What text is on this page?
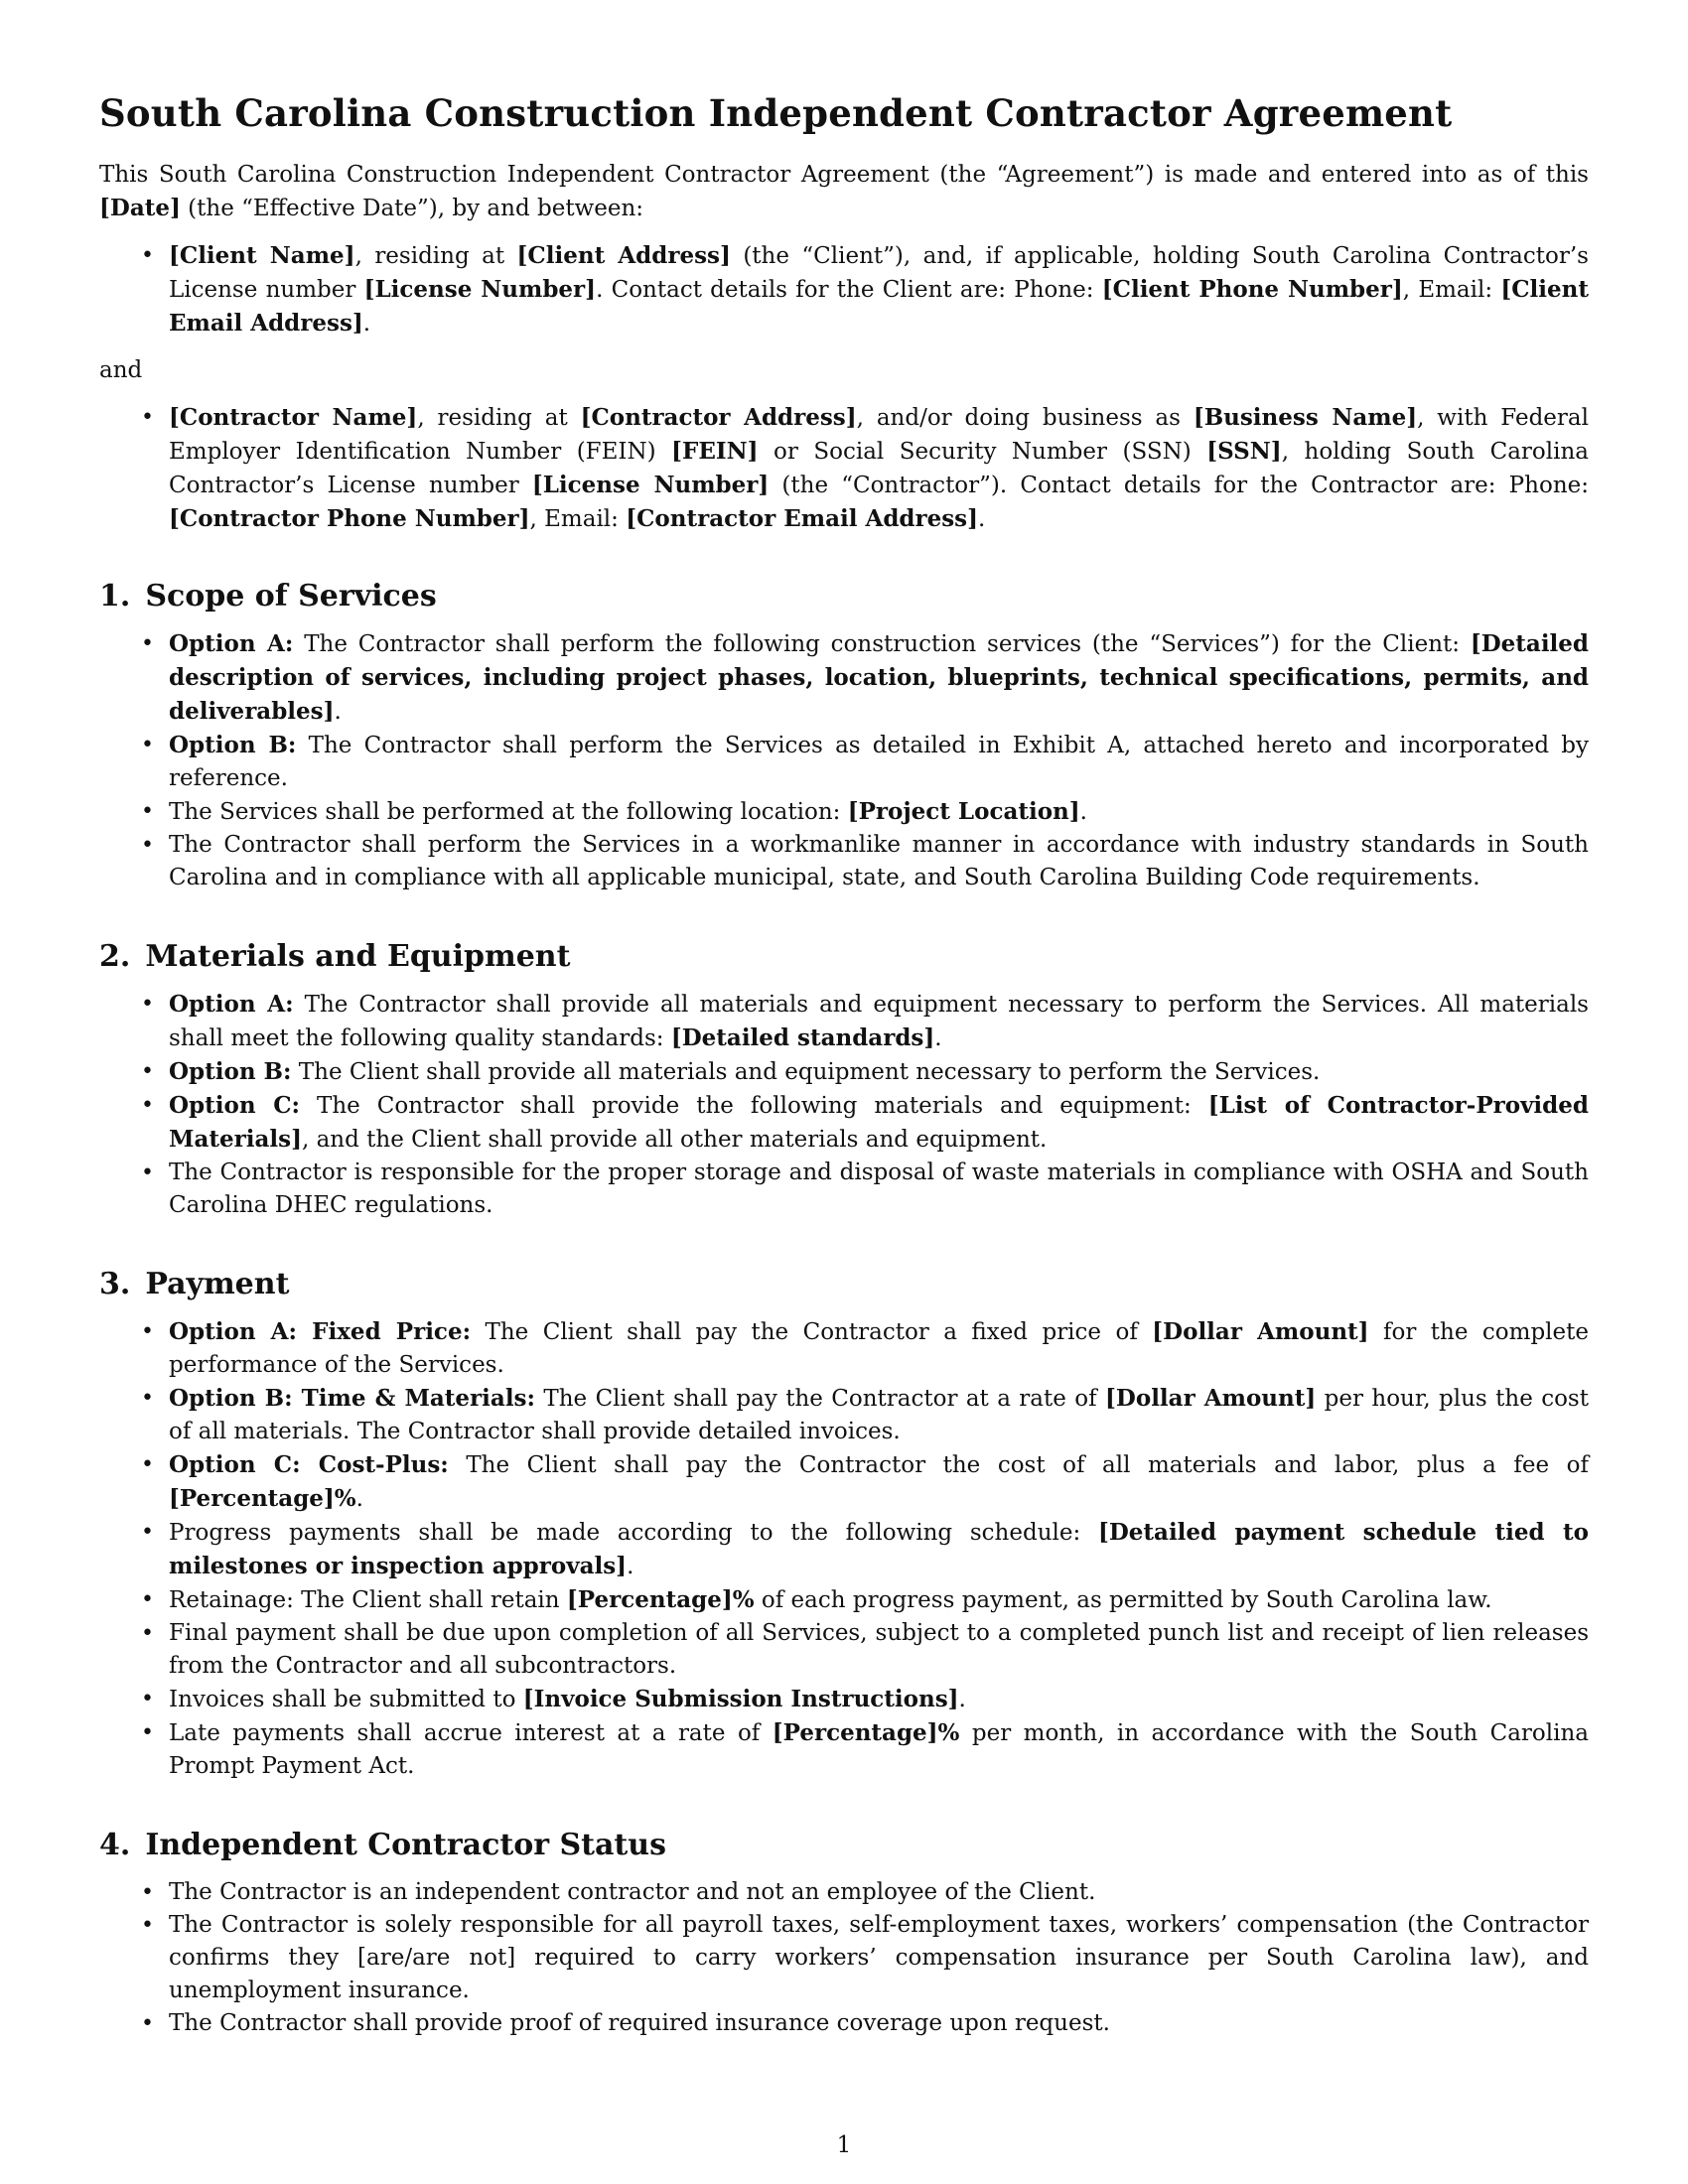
South Carolina Construction Independent Contractor Agreement

This South Carolina Construction Independent Contractor Agreement (the “Agreement”) is made and entered into as of this [Date] (the “Effective Date”), by and between:

• [Client Name], residing at [Client Address] (the “Client”), and, if applicable, holding South Carolina Contractor’s License number [License Number]. Contact details for the Client are: Phone: [Client Phone Number], Email: [Client Email Address].

and

• [Contractor Name], residing at [Contractor Address], and/or doing business as [Business Name], with Federal Employer Identification Number (FEIN) [FEIN] or Social Security Number (SSN) [SSN], holding South Carolina Contractor’s License number [License Number] (the “Contractor”). Contact details for the Contractor are: Phone: [Contractor Phone Number], Email: [Contractor Email Address].
1. Scope of Services
• Option A: The Contractor shall perform the following construction services (the “Services”) for the Client: [Detailed description of services, including project phases, location, blueprints, technical specifications, permits, and deliverables].
• Option B: The Contractor shall perform the Services as detailed in Exhibit A, attached hereto and incorporated by reference.
• The Services shall be performed at the following location: [Project Location].
• The Contractor shall perform the Services in a workmanlike manner in accordance with industry standards in South Carolina and in compliance with all applicable municipal, state, and South Carolina Building Code requirements.
2. Materials and Equipment
• Option A: The Contractor shall provide all materials and equipment necessary to perform the Services. All materials shall meet the following quality standards: [Detailed standards].
• Option B: The Client shall provide all materials and equipment necessary to perform the Services.
• Option C: The Contractor shall provide the following materials and equipment: [List of Contractor-Provided Materials], and the Client shall provide all other materials and equipment.
• The Contractor is responsible for the proper storage and disposal of waste materials in compliance with OSHA and South Carolina DHEC regulations.
3. Payment
• Option A: Fixed Price: The Client shall pay the Contractor a fixed price of [Dollar Amount] for the complete performance of the Services.
• Option B: Time & Materials: The Client shall pay the Contractor at a rate of [Dollar Amount] per hour, plus the cost of all materials. The Contractor shall provide detailed invoices.
• Option C: Cost-Plus: The Client shall pay the Contractor the cost of all materials and labor, plus a fee of [Percentage]%.
• Progress payments shall be made according to the following schedule: [Detailed payment schedule tied to milestones or inspection approvals].
• Retainage: The Client shall retain [Percentage]% of each progress payment, as permitted by South Carolina law.
• Final payment shall be due upon completion of all Services, subject to a completed punch list and receipt of lien releases from the Contractor and all subcontractors.
• Invoices shall be submitted to [Invoice Submission Instructions].
• Late payments shall accrue interest at a rate of [Percentage]% per month, in accordance with the South Carolina Prompt Payment Act.
4. Independent Contractor Status
• The Contractor is an independent contractor and not an employee of the Client.
• The Contractor is solely responsible for all payroll taxes, self-employment taxes, workers’ compensation (the Contractor confirms they [are/are not] required to carry workers’ compensation insurance per South Carolina law), and unemployment insurance.
• The Contractor shall provide proof of required insurance coverage upon request.
1
